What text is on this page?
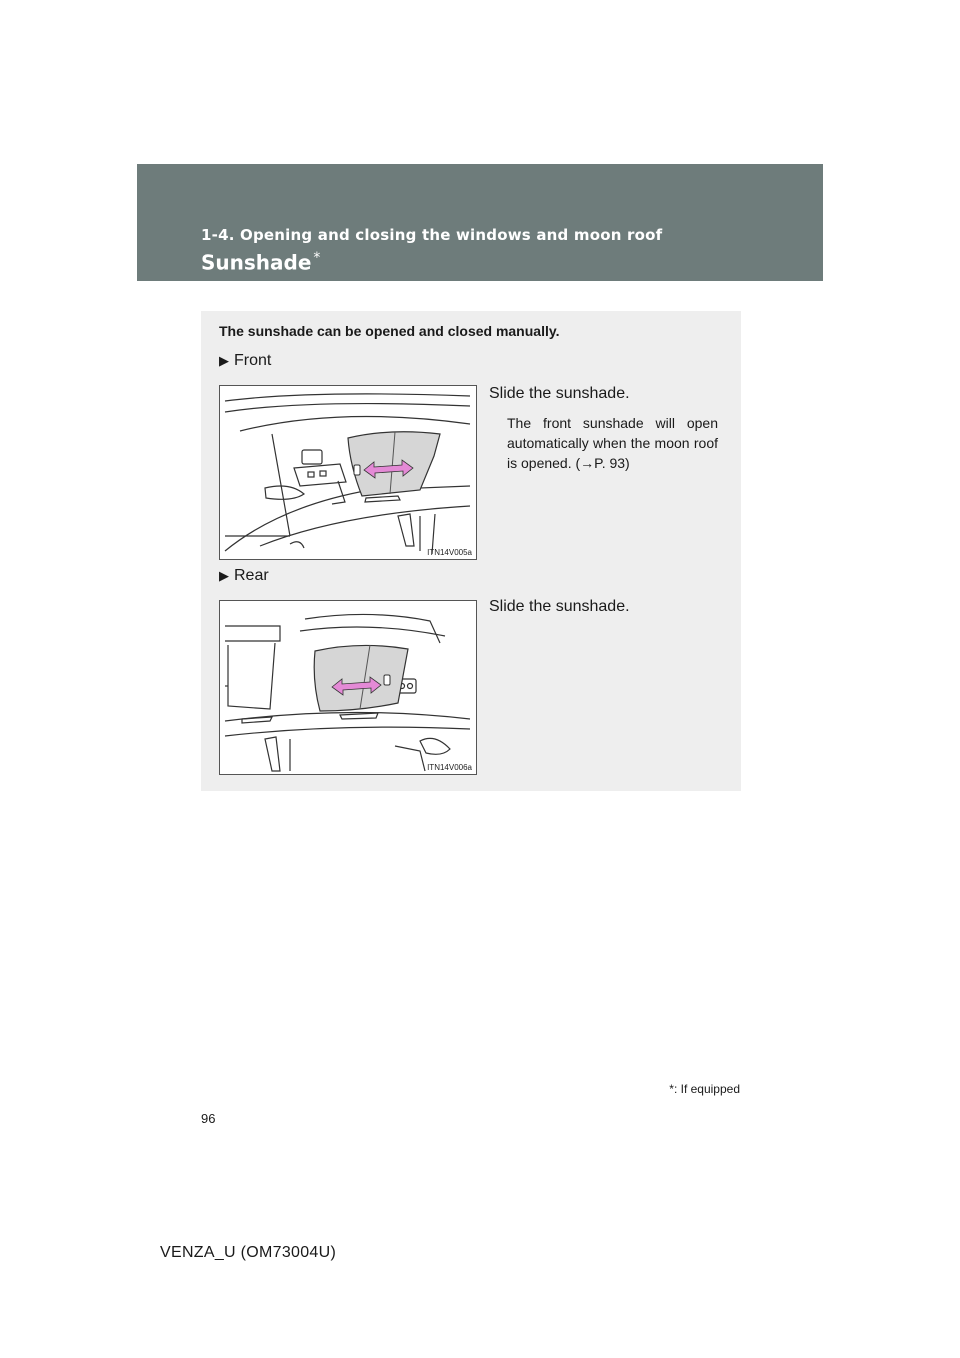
1-4. Opening and closing the windows and moon roof
Sunshade *
The sunshade can be opened and closed manually.
▶ Front
ITN14V005a
Slide the sunshade.
The front sunshade will open automatically when the moon roof is opened. (→P. 93)
▶ Rear
ITN14V006a
Slide the sunshade.
*: If equipped
96
VENZA_U (OM73004U)
